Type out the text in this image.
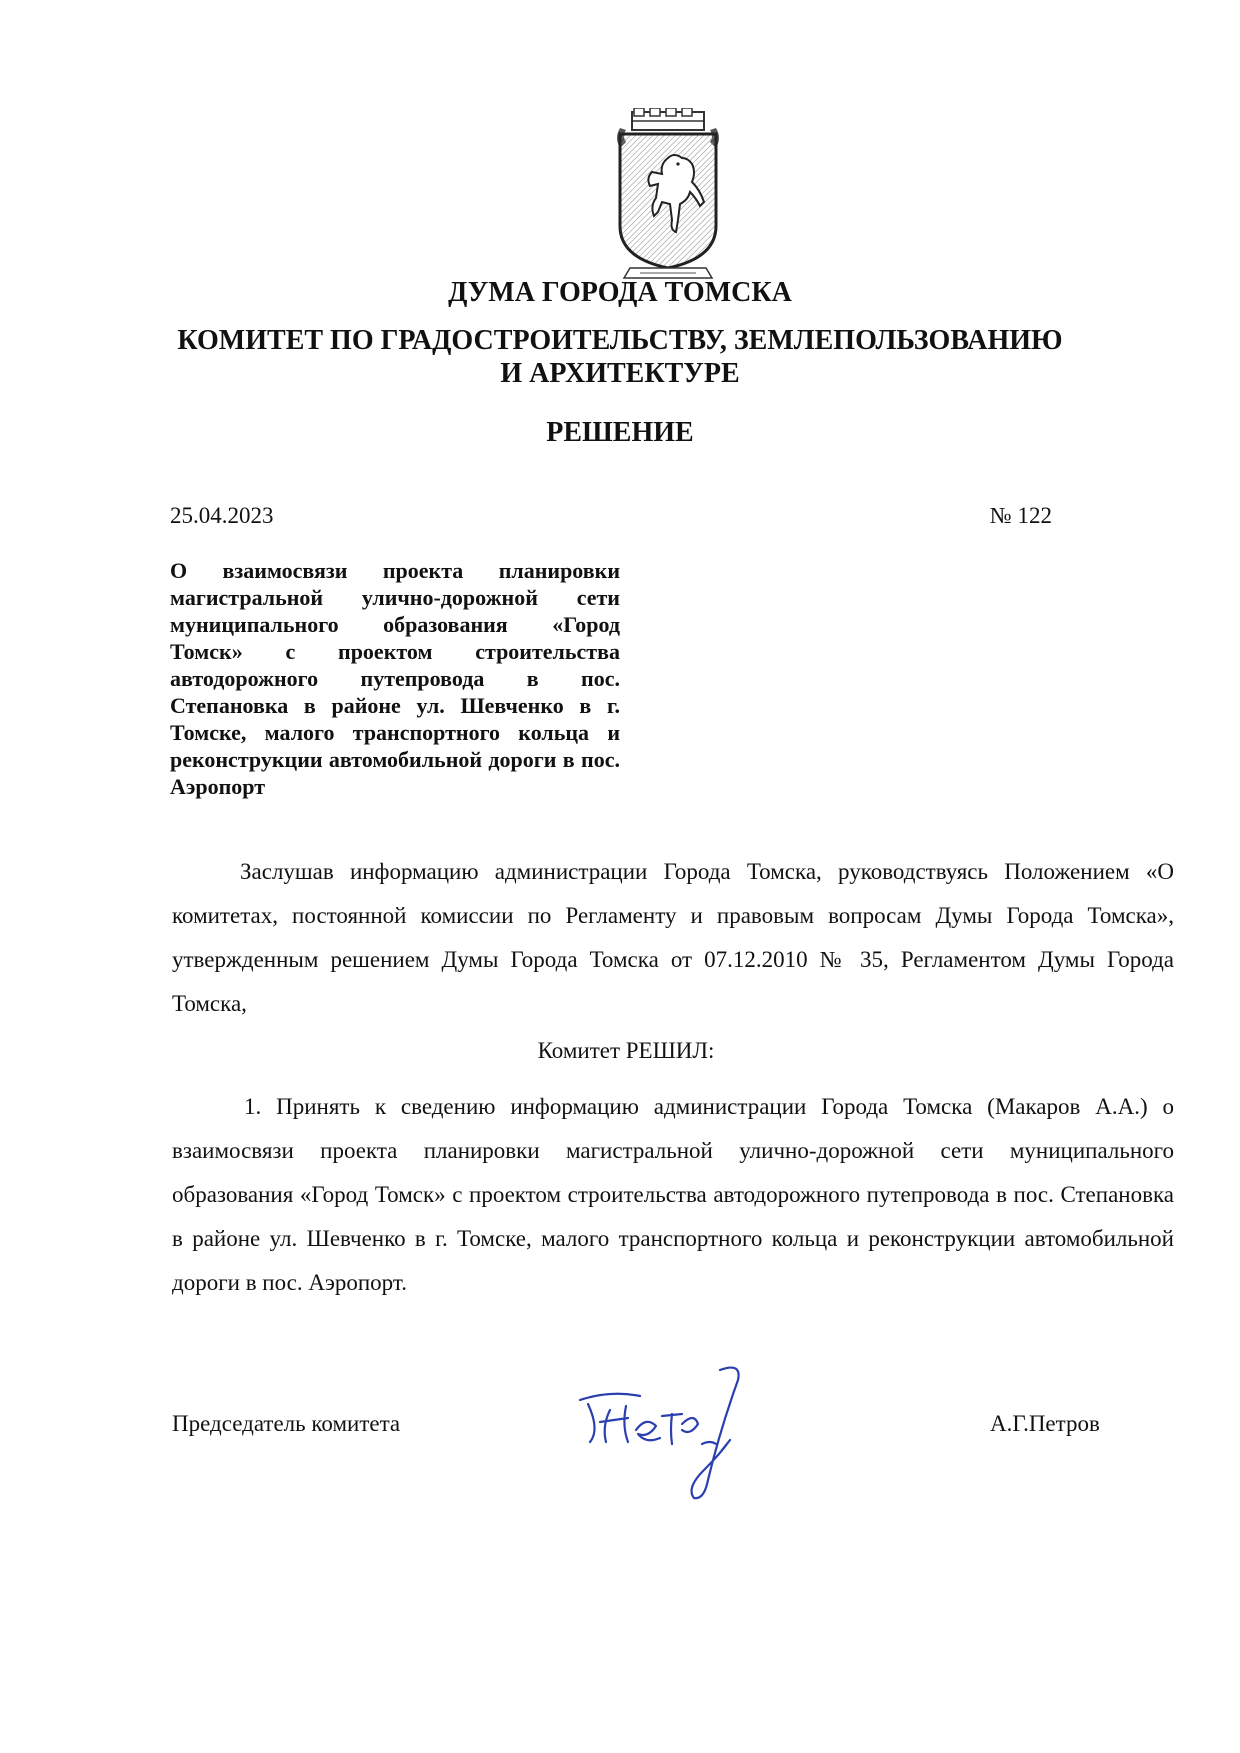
ДУМА ГОРОДА ТОМСКА
КОМИТЕТ ПО ГРАДОСТРОИТЕЛЬСТВУ, ЗЕМЛЕПОЛЬЗОВАНИЮ
И АРХИТЕКТУРЕ
РЕШЕНИЕ
25.04.2023	№ 122
О взаимосвязи проекта планировки магистральной улично-дорожной сети муниципального образования «Город Томск» с проектом строительства автодорожного путепровода в пос. Степановка в районе ул. Шевченко в г. Томске, малого транспортного кольца и реконструкции автомобильной дороги в пос. Аэропорт

Заслушав информацию администрации Города Томска, руководствуясь Положением «О комитетах, постоянной комиссии по Регламенту и правовым вопросам Думы Города Томска», утвержденным решением Думы Города Томска от 07.12.2010 № 35, Регламентом Думы Города Томска,

Комитет РЕШИЛ:

1. Принять к сведению информацию администрации Города Томска (Макаров А.А.) о взаимосвязи проекта планировки магистральной улично-дорожной сети муниципального образования «Город Томск» с проектом строительства автодорожного путепровода в пос. Степановка в районе ул. Шевченко в г. Томске, малого транспортного кольца и реконструкции автомобильной дороги в пос. Аэропорт.

Председатель комитета	А.Г.Петров
